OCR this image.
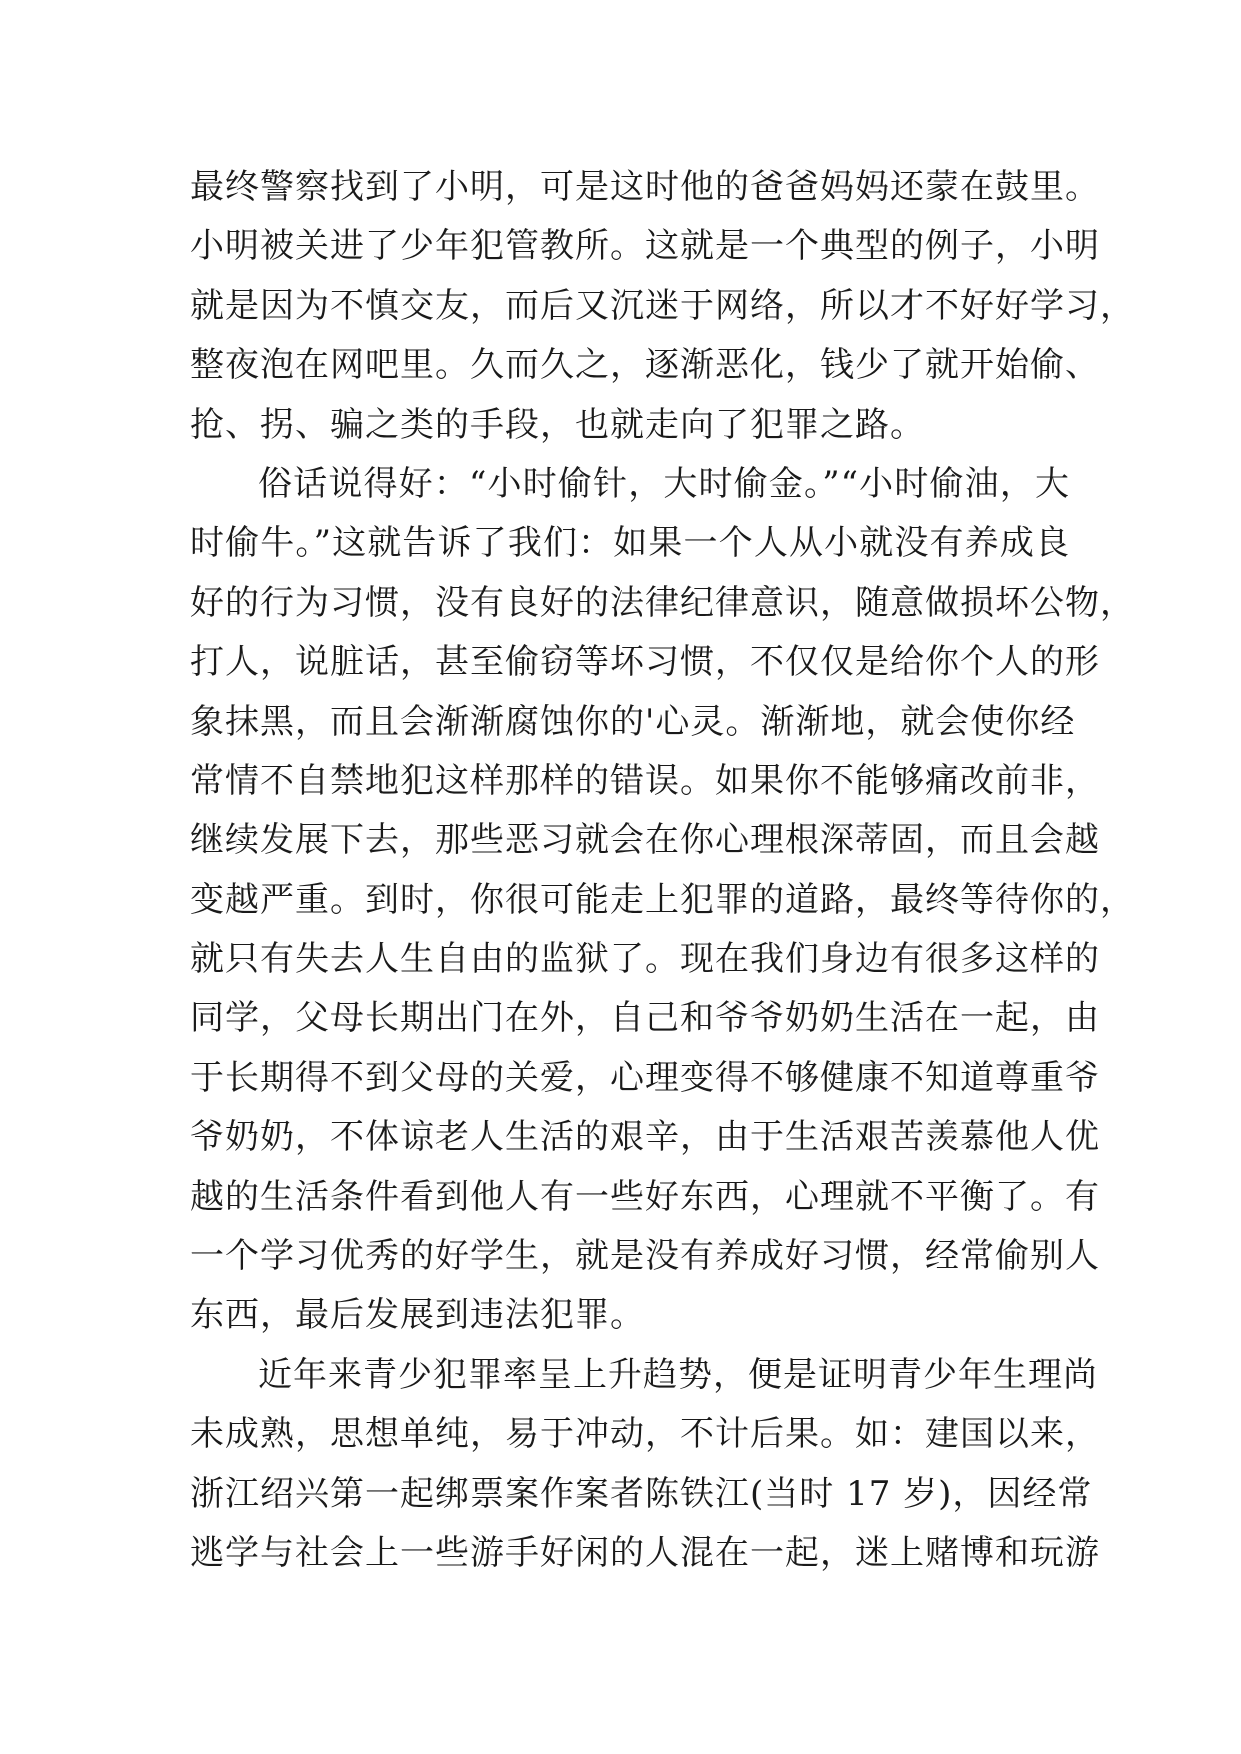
最终警察找到了小明，可是这时他的爸爸妈妈还蒙在鼓里。
小明被关进了少年犯管教所。这就是一个典型的例子，小明
就是因为不慎交友，而后又沉迷于网络，所以才不好好学习，
整夜泡在网吧里。久而久之，逐渐恶化，钱少了就开始偷、
抢、拐、骗之类的手段，也就走向了犯罪之路。
俗话说得好：“小时偷针，大时偷金。”“小时偷油，大
时偷牛。”这就告诉了我们：如果一个人从小就没有养成良
好的行为习惯，没有良好的法律纪律意识，随意做损坏公物，
打人，说脏话，甚至偷窃等坏习惯，不仅仅是给你个人的形
象抹黑，而且会渐渐腐蚀你的'心灵。渐渐地，就会使你经
常情不自禁地犯这样那样的错误。如果你不能够痛改前非，
继续发展下去，那些恶习就会在你心理根深蒂固，而且会越
变越严重。到时，你很可能走上犯罪的道路，最终等待你的，
就只有失去人生自由的监狱了。现在我们身边有很多这样的
同学，父母长期出门在外，自己和爷爷奶奶生活在一起，由
于长期得不到父母的关爱，心理变得不够健康不知道尊重爷
爷奶奶，不体谅老人生活的艰辛，由于生活艰苦羡慕他人优
越的生活条件看到他人有一些好东西，心理就不平衡了。有
一个学习优秀的好学生，就是没有养成好习惯，经常偷别人
东西，最后发展到违法犯罪。
近年来青少犯罪率呈上升趋势，便是证明青少年生理尚
未成熟，思想单纯，易于冲动，不计后果。如：建国以来，
浙江绍兴第一起绑票案作案者陈铁江(当时 17 岁)，因经常
逃学与社会上一些游手好闲的人混在一起，迷上赌博和玩游
